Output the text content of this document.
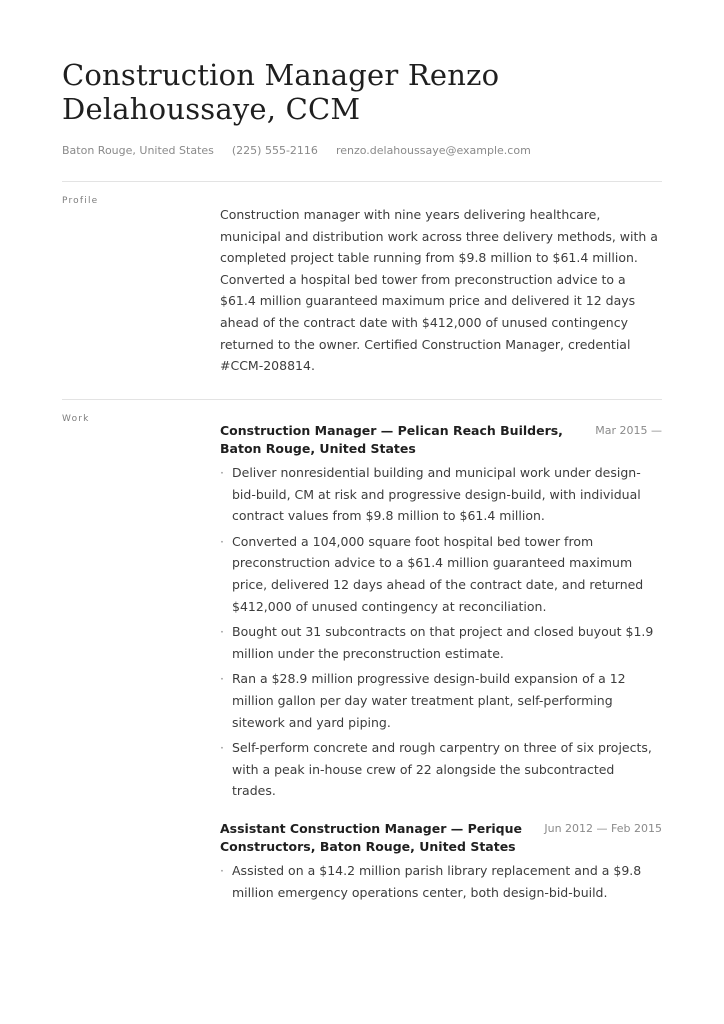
Construction Manager Renzo Delahoussaye, CCM
Baton Rouge, United States (225) 555-2116 renzo.delahoussaye@example.com
Profile

Construction manager with nine years delivering healthcare, municipal and distribution work across three delivery methods, with a completed project table running from $9.8 million to $61.4 million. Converted a hospital bed tower from preconstruction advice to a $61.4 million guaranteed maximum price and delivered it 12 days ahead of the contract date with $412,000 of unused contingency returned to the owner. Certified Construction Manager, credential #CCM-208814.

Work
Construction Manager — Pelican Reach Builders, Baton Rouge, United States
Mar 2015 —
· Deliver nonresidential building and municipal work under design-bid-build, CM at risk and progressive design-build, with individual contract values from $9.8 million to $61.4 million.
· Converted a 104,000 square foot hospital bed tower from preconstruction advice to a $61.4 million guaranteed maximum price, delivered 12 days ahead of the contract date, and returned $412,000 of unused contingency at reconciliation.
· Bought out 31 subcontracts on that project and closed buyout $1.9 million under the preconstruction estimate.
· Ran a $28.9 million progressive design-build expansion of a 12 million gallon per day water treatment plant, self-performing sitework and yard piping.
· Self-perform concrete and rough carpentry on three of six projects, with a peak in-house crew of 22 alongside the subcontracted trades.
Assistant Construction Manager — Perique Constructors, Baton Rouge, United States
Jun 2012 — Feb 2015
· Assisted on a $14.2 million parish library replacement and a $9.8 million emergency operations center, both design-bid-build.
